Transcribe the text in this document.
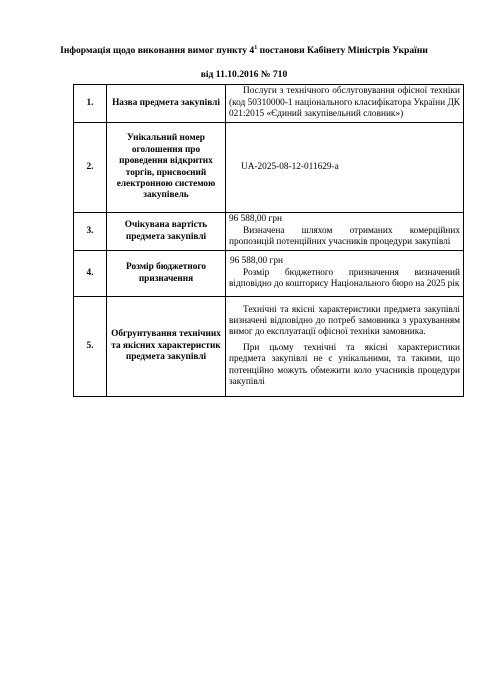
Інформація щодо виконання вимог пункту $4^1$ постанови Кабінету Міністрів України
від 11.10.2016 № 710
1.	Назва предмета закупівлі	Послуги з технічного обслуговування офісної техніки (код 50310000-1 національного класифікатора України ДК 021:2015 «Єдиний закупівельний словник»)

2.	Унікальний номер оголошення про проведення відкритих торгів, присвоєний електронною системою закупівель	UA-2025-08-12-011629-a

3.	Очікувана вартість предмета закупівлі	96 588,00 грн
Визначена шляхом отриманих комерційних пропозицій потенційних учасників процедури закупівлі

4.	Розмір бюджетного призначення	96 588,00 грн
Розмір бюджетного призначення визначений відповідно до кошторису Національного бюро на 2025 рік

5.	Обгрунтування технічних та якісних характеристик предмета закупівлі	Технічні та якісні характеристики предмета закупівлі визначені відповідно до потреб замовника з урахуванням вимог до експлуатації офісної техніки замовника.
При цьому технічні та якісні характеристики предмета закупівлі не є унікальними, та такими, що потенційно можуть обмежити коло учасників процедури закупівлі
